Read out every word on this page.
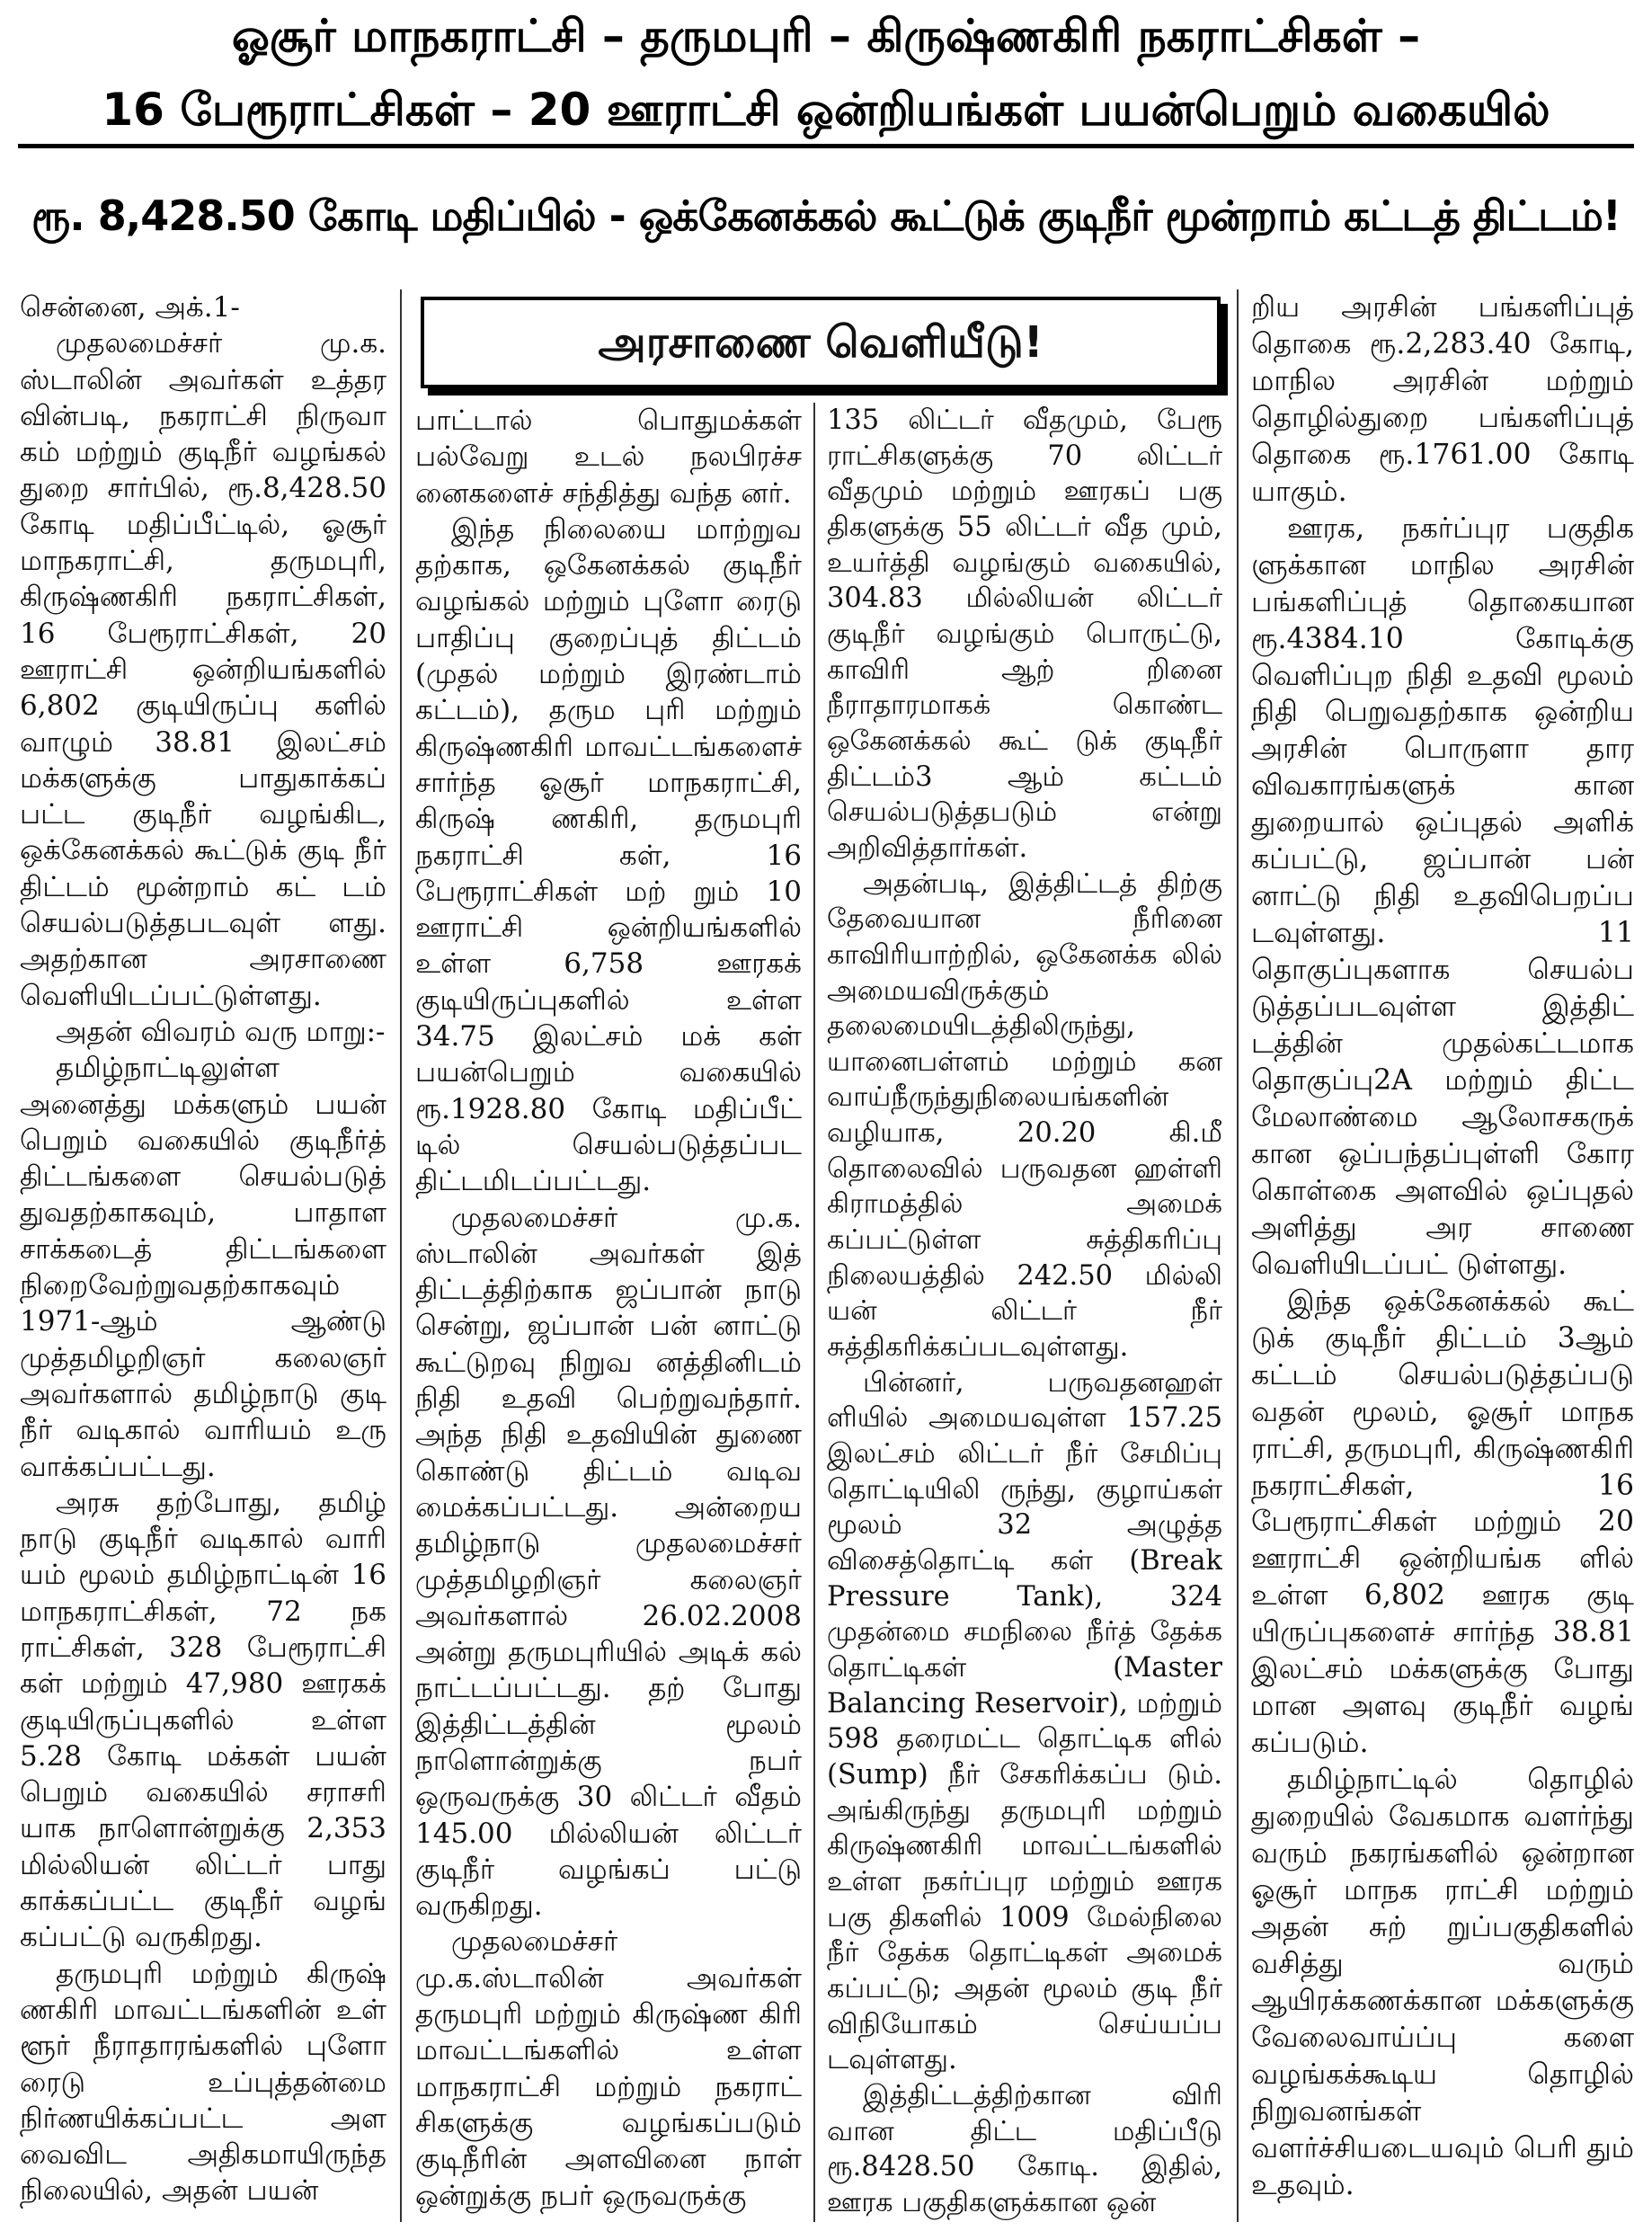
ஓசூர் மாநகராட்சி – தருமபுரி – கிருஷ்ணகிரி நகராட்சிகள் –
16 பேரூராட்சிகள் – 20 ஊராட்சி ஒன்றியங்கள் பயன்பெறும் வகையில்
ரூ. 8,428.50 கோடி மதிப்பில் - ஒக்கேனக்கல் கூட்டுக் குடிநீர் மூன்றாம் கட்டத் திட்டம்!
அரசாணை வெளியீடு!

சென்னை, அக்.1-

முதலமைச்சர் மு.க. ஸ்டாலின் அவர்கள் உத்தர வின்படி, நகராட்சி நிருவா கம் மற்றும் குடிநீர் வழங்கல் துறை சார்பில், ரூ.8,428.50 கோடி மதிப்பீட்டில், ஓசூர் மாநகராட்சி, தருமபுரி, கிருஷ்ணகிரி நகராட்சிகள், 16 பேரூராட்சிகள், 20 ஊராட்சி ஒன்றியங்களில் 6,802 குடியிருப்பு களில் வாழும் 38.81 இலட்சம் மக்களுக்கு பாதுகாக்கப் பட்ட குடிநீர் வழங்கிட, ஒக்கேனக்கல் கூட்டுக் குடி நீர் திட்டம் மூன்றாம் கட் டம் செயல்படுத்தபடவுள் ளது. அதற்கான அரசாணை வெளியிடப்பட்டுள்ளது.

அதன் விவரம் வரு மாறு:-

தமிழ்நாட்டிலுள்ள அனைத்து மக்களும் பயன் பெறும் வகையில் குடிநீர்த் திட்டங்களை செயல்படுத் துவதற்காகவும், பாதாள சாக்கடைத் திட்டங்களை நிறைவேற்றுவதற்காகவும் 1971-ஆம் ஆண்டு முத்தமிழறிஞர் கலைஞர் அவர்களால் தமிழ்நாடு குடி நீர் வடிகால் வாரியம் உரு வாக்கப்பட்டது.

அரசு தற்போது, தமிழ் நாடு குடிநீர் வடிகால் வாரி யம் மூலம் தமிழ்நாட்டின் 16 மாநகராட்சிகள், 72 நக ராட்சிகள், 328 பேரூராட்சி கள் மற்றும் 47,980 ஊரகக் குடியிருப்புகளில் உள்ள 5.28 கோடி மக்கள் பயன் பெறும் வகையில் சராசரி யாக நாளொன்றுக்கு 2,353 மில்லியன் லிட்டர் பாது காக்கப்பட்ட குடிநீர் வழங் கப்பட்டு வருகிறது.

தருமபுரி மற்றும் கிருஷ் ணகிரி மாவட்டங்களின் உள் ளூர் நீராதாரங்களில் புளோ ரைடு உப்புத்தன்மை நிர்ணயிக்கப்பட்ட அள வைவிட அதிகமாயிருந்த நிலையில், அதன் பயன்

பாட்டால் பொதுமக்கள் பல்வேறு உடல் நலபிரச்ச னைகளைச் சந்தித்து வந்த னர்.

இந்த நிலையை மாற்றுவ தற்காக, ஒகேனக்கல் குடிநீர் வழங்கல் மற்றும் புளோ ரைடு பாதிப்பு குறைப்புத் திட்டம் (முதல் மற்றும் இரண்டாம் கட்டம்), தரும புரி மற்றும் கிருஷ்ணகிரி மாவட்டங்களைச் சார்ந்த ஓசூர் மாநகராட்சி, கிருஷ் ணகிரி, தருமபுரி நகராட்சி கள், 16 பேரூராட்சிகள் மற் றும் 10 ஊராட்சி ஒன்றியங்களில் உள்ள 6,758 ஊரகக் குடியிருப்புகளில் உள்ள 34.75 இலட்சம் மக் கள் பயன்பெறும் வகையில் ரூ.1928.80 கோடி மதிப்பீட் டில் செயல்படுத்தப்பட திட்டமிடப்பட்டது.

முதலமைச்சர் மு.க. ஸ்டாலின் அவர்கள் இத் திட்டத்திற்காக ஜப்பான் நாடு சென்று, ஜப்பான் பன் னாட்டு கூட்டுறவு நிறுவ னத்தினிடம் நிதி உதவி பெற்றுவந்தார். அந்த நிதி உதவியின் துணை கொண்டு திட்டம் வடிவ மைக்கப்பட்டது. அன்றைய தமிழ்நாடு முதலமைச்சர் முத்தமிழறிஞர் கலைஞர் அவர்களால் 26.02.2008 அன்று தருமபுரியில் அடிக் கல் நாட்டப்பட்டது. தற் போது இத்திட்டத்தின் மூலம் நாளொன்றுக்கு நபர் ஒருவருக்கு 30 லிட்டர் வீதம் 145.00 மில்லியன் லிட்டர் குடிநீர் வழங்கப் பட்டு வருகிறது.

முதலமைச்சர் மு.க.ஸ்டாலின் அவர்கள் தருமபுரி மற்றும் கிருஷ்ண கிரி மாவட்டங்களில் உள்ள மாநகராட்சி மற்றும் நகராட் சிகளுக்கு வழங்கப்படும் குடிநீரின் அளவினை நாள் ஒன்றுக்கு நபர் ஒருவருக்கு

135 லிட்டர் வீதமும், பேரூ ராட்சிகளுக்கு 70 லிட்டர் வீதமும் மற்றும் ஊரகப் பகு திகளுக்கு 55 லிட்டர் வீத மும், உயர்த்தி வழங்கும் வகையில், 304.83 மில்லியன் லிட்டர் குடிநீர் வழங்கும் பொருட்டு, காவிரி ஆற் றினை நீராதாரமாகக் கொண்ட ஒகேனக்கல் கூட் டுக் குடிநீர் திட்டம்3 ஆம் கட்டம் செயல்படுத்தபடும் என்று அறிவித்தார்கள்.

அதன்படி, இத்திட்டத் திற்கு தேவையான நீரினை காவிரியாற்றில், ஒகேனக்க லில் அமையவிருக்கும் தலைமையிடத்திலிருந்து, யானைபள்ளம் மற்றும் கன வாய்நீருந்துநிலையங்களின் வழியாக, 20.20 கி.மீ தொலைவில் பருவதன ஹள்ளி கிராமத்தில் அமைக் கப்பட்டுள்ள சுத்திகரிப்பு நிலையத்தில் 242.50 மில்லி யன் லிட்டர் நீர் சுத்திகரிக்கப்படவுள்ளது.

பின்னர், பருவதனஹள் ளியில் அமையவுள்ள 157.25 இலட்சம் லிட்டர் நீர் சேமிப்பு தொட்டியிலி ருந்து, குழாய்கள் மூலம் 32 அழுத்த விசைத்தொட்டி கள் (Break Pressure Tank), 324 முதன்மை சமநிலை நீர்த் தேக்க தொட்டிகள் (Master Balancing Reservoir), மற்றும் 598 தரைமட்ட தொட்டிக ளில் (Sump) நீர் சேகரிக்கப்ப டும். அங்கிருந்து தருமபுரி மற்றும் கிருஷ்ணகிரி மாவட்டங்களில் உள்ள நகர்ப்புர மற்றும் ஊரக பகு திகளில் 1009 மேல்நிலை நீர் தேக்க தொட்டிகள் அமைக் கப்பட்டு; அதன் மூலம் குடி நீர் விநியோகம் செய்யப்ப டவுள்ளது.

இத்திட்டத்திற்கான விரி வான திட்ட மதிப்பீடு ரூ.8428.50 கோடி. இதில், ஊரக பகுதிகளுக்கான ஒன்

றிய அரசின் பங்களிப்புத் தொகை ரூ.2,283.40 கோடி, மாநில அரசின் மற்றும் தொழில்துறை பங்களிப்புத் தொகை ரூ.1761.00 கோடி யாகும்.

ஊரக, நகர்ப்புர பகுதிக ளுக்கான மாநில அரசின் பங்களிப்புத் தொகையான ரூ.4384.10 கோடிக்கு வெளிப்புற நிதி உதவி மூலம் நிதி பெறுவதற்காக ஒன்றிய அரசின் பொருளா தார விவகாரங்களுக் கான துறையால் ஒப்புதல் அளிக் கப்பட்டு, ஜப்பான் பன் னாட்டு நிதி உதவிபெறப்ப டவுள்ளது. 11 தொகுப்புகளாக செயல்ப டுத்தப்படவுள்ள இத்திட் டத்தின் முதல்கட்டமாக தொகுப்பு2A மற்றும் திட்ட மேலாண்மை ஆலோசகருக் கான ஒப்பந்தப்புள்ளி கோர கொள்கை அளவில் ஒப்புதல் அளித்து அர சாணை வெளியிடப்பட் டுள்ளது.

இந்த ஒக்கேனக்கல் கூட் டுக் குடிநீர் திட்டம் 3ஆம் கட்டம் செயல்படுத்தப்படு வதன் மூலம், ஓசூர் மாநக ராட்சி, தருமபுரி, கிருஷ்ணகிரி நகராட்சிகள், 16 பேரூராட்சிகள் மற்றும் 20 ஊராட்சி ஒன்றியங்க ளில் உள்ள 6,802 ஊரக குடி யிருப்புகளைச் சார்ந்த 38.81 இலட்சம் மக்களுக்கு போது மான அளவு குடிநீர் வழங் கப்படும்.

தமிழ்நாட்டில் தொழில் துறையில் வேகமாக வளர்ந்து வரும் நகரங்களில் ஒன்றான ஓசூர் மாநக ராட்சி மற்றும் அதன் சுற் றுப்பகுதிகளில் வசித்து வரும் ஆயிரக்கணக்கான மக்களுக்கு வேலைவாய்ப்பு களை வழங்கக்கூடிய தொழில் நிறுவனங்கள் வளர்ச்சியடையவும் பெரி தும் உதவும்.
